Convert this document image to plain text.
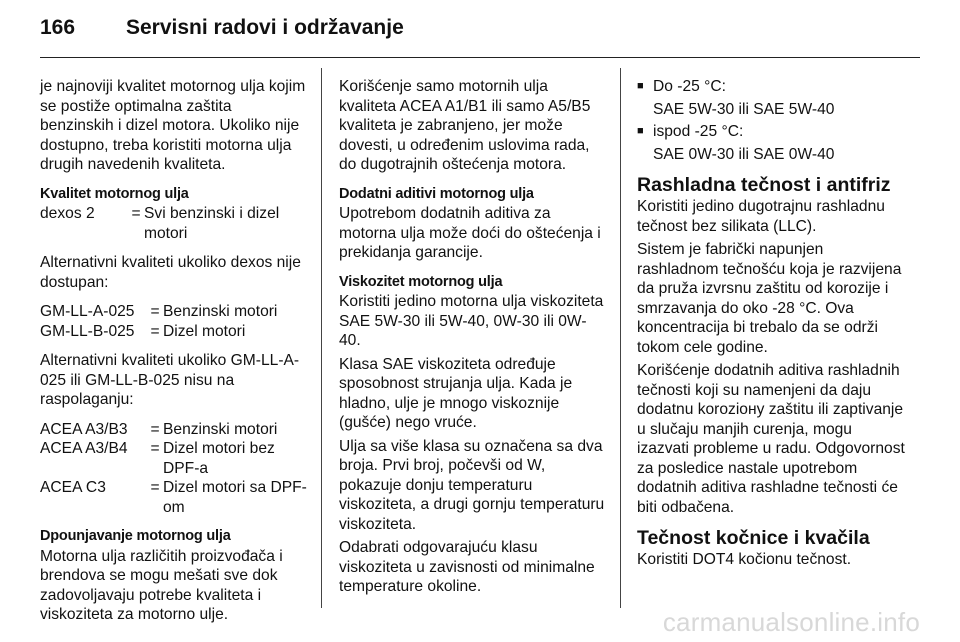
166	Servisni radovi i održavanje

je najnoviji kvalitet motornog ulja kojim se postiže optimalna zaštita benzinskih i dizel motora. Ukoliko nije dostupno, treba koristiti motorna ulja drugih navedenih kvaliteta.

Kvalitet motornog ulja
dexos 2	= Svi benzinski i dizel motori

Alternativni kvaliteti ukoliko dexos nije dostupan:

GM-LL-A-025	= Benzinski motori
GM-LL-B-025	= Dizel motori

Alternativni kvaliteti ukoliko GM-LL-A-025 ili GM-LL-B-025 nisu na raspolaganju:

ACEA A3/B3	= Benzinski motori
ACEA A3/B4	= Dizel motori bez DPF-a
ACEA C3	= Dizel motori sa DPF-om
Dpounjavanje motornog ulja

Motorna ulja različitih proizvođača i brendova se mogu mešati sve dok zadovoljavaju potrebe kvaliteta i viskoziteta za motorno ulje.

Korišćenje samo motornih ulja kvaliteta ACEA A1/B1 ili samo A5/B5 kvaliteta je zabranjeno, jer može dovesti, u određenim uslovima rada, do dugotrajnih oštećenja motora.

Dodatni aditivi motornog ulja

Upotrebom dodatnih aditiva za motorna ulja može doći do oštećenja i prekidanja garancije.

Viskozitet motornog ulja

Koristiti jedino motorna ulja viskoziteta SAE 5W-30 ili 5W-40, 0W-30 ili 0W-40.

Klasa SAE viskoziteta određuje sposobnost strujanja ulja. Kada je hladno, ulje je mnogo viskoznije (gušće) nego vruće.

Ulja sa više klasa su označena sa dva broja. Prvi broj, počevši od W, pokazuje donju temperaturu viskoziteta, a drugi gornju temperaturu viskoziteta.

Odabrati odgovarajuću klasu viskoziteta u zavisnosti od minimalne temperature okoline.

■ Do -25 °C:
SAE 5W-30 ili SAE 5W-40
■ ispod -25 °C:
SAE 0W-30 ili SAE 0W-40
Rashladna tečnost i antifriz

Koristiti jedino dugotrajnu rashladnu tečnost bez silikata (LLC).

Sistem je fabrički napunjen rashladnom tečnošću koja je razvijena da pruža izvrsnu zaštitu od korozije i smrzavanja do oko -28 °C. Ova koncentracija bi trebalo da se održi tokom cele godine.

Korišćenje dodatnih aditiva rashladnih tečnosti koji su namenjeni da daju dodatnu koroziону zaštitu ili zaptivanje u slučaju manjih curenja, mogu izazvati probleme u radu. Odgovornost za posledice nastale upotrebom dodatnih aditiva rashladne tečnosti će biti odbačena.

Tečnost kočnice i kvačila

Koristiti DOT4 kočionu tečnost.

carmanualsonline.info
